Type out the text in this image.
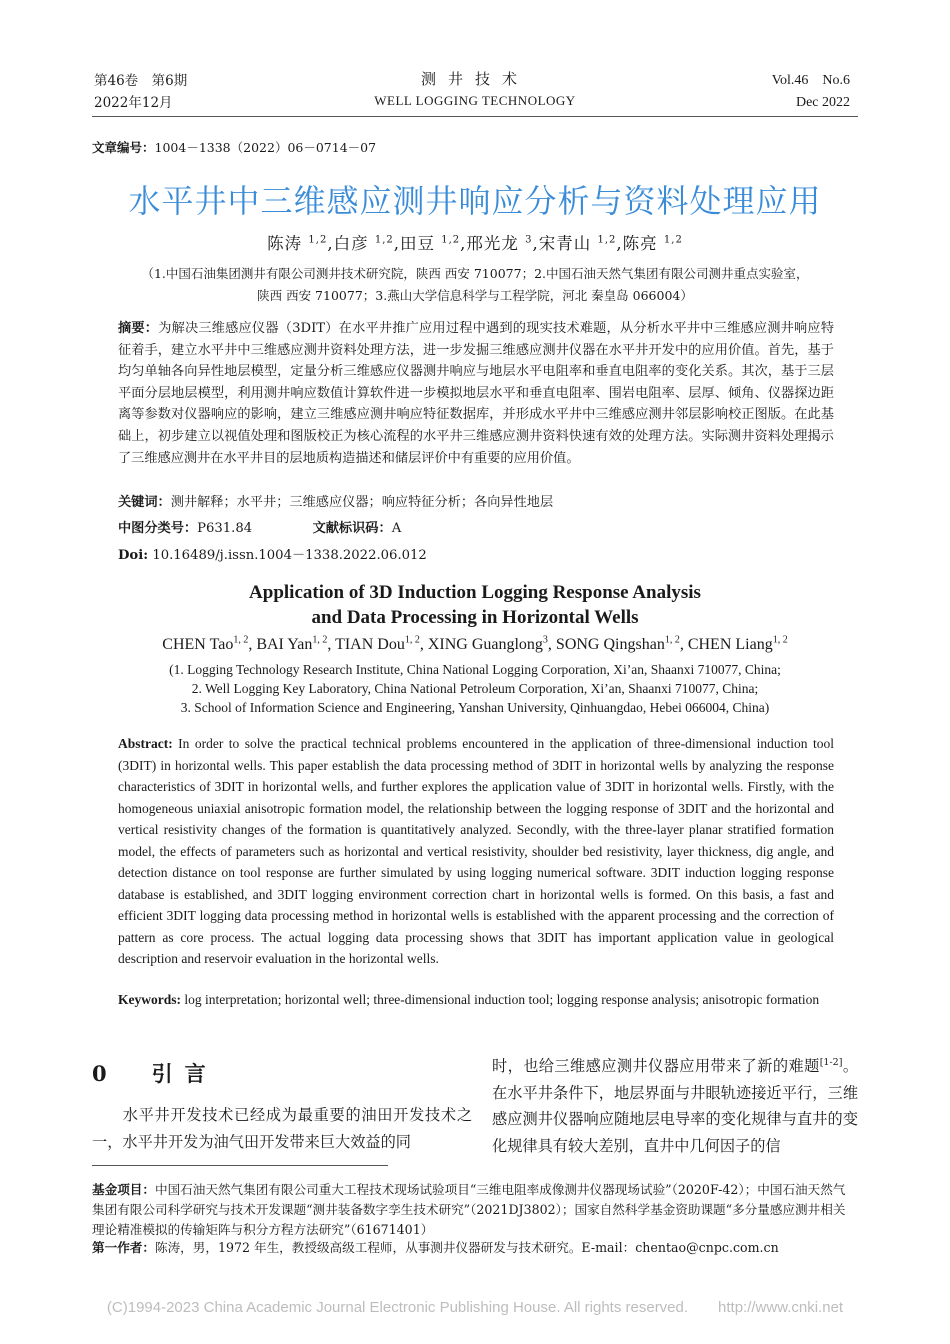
第46卷　第6期
2022年12月
测井技术
WELL LOGGING TECHNOLOGY
Vol.46　No.6
Dec 2022
文章编号：1004－1338（2022）06－0714－07
水平井中三维感应测井响应分析与资料处理应用
陈涛 $^{1,2}$,白彦 $^{1,2}$,田豆 $^{1,2}$,邢光龙 $^3$,宋青山 $^{1,2}$,陈亮 $^{1,2}$
（1.中国石油集团测井有限公司测井技术研究院，陕西 西安 710077；2.中国石油天然气集团有限公司测井重点实验室，
陕西 西安 710077；3.燕山大学信息科学与工程学院，河北 秦皇岛 066004）
摘要：为解决三维感应仪器（3DIT）在水平井推广应用过程中遇到的现实技术难题，从分析水平井中三维感应测井响应特征着手，建立水平井中三维感应测井资料处理方法，进一步发掘三维感应测井仪器在水平井开发中的应用价值。首先，基于均匀单轴各向异性地层模型，定量分析三维感应仪器测井响应与地层水平电阻率和垂直电阻率的变化关系。其次，基于三层平面分层地层模型，利用测井响应数值计算软件进一步模拟地层水平和垂直电阻率、围岩电阻率、层厚、倾角、仪器探边距离等参数对仪器响应的影响，建立三维感应测井响应特征数据库，并形成水平井中三维感应测井邻层影响校正图版。在此基础上，初步建立以视值处理和图版校正为核心流程的水平井三维感应测井资料快速有效的处理方法。实际测井资料处理揭示了三维感应测井在水平井目的层地质构造描述和储层评价中有重要的应用价值。
关键词：测井解释；水平井；三维感应仪器；响应特征分析；各向异性地层
中图分类号：P631.84	文献标识码：A
Doi: 10.16489/j.issn.1004－1338.2022.06.012
Application of 3D Induction Logging Response Analysis
and Data Processing in Horizontal Wells
CHEN Tao$^{1, 2}$, BAI Yan$^{1, 2}$, TIAN Dou$^{1, 2}$, XING Guanglong$^3$, SONG Qingshan$^{1, 2}$, CHEN Liang$^{1, 2}$
(1. Logging Technology Research Institute, China National Logging Corporation, Xi’an, Shaanxi 710077, China;
2. Well Logging Key Laboratory, China National Petroleum Corporation, Xi’an, Shaanxi 710077, China;
3. School of Information Science and Engineering, Yanshan University, Qinhuangdao, Hebei 066004, China)
Abstract: In order to solve the practical technical problems encountered in the application of three-dimensional induction tool (3DIT) in horizontal wells. This paper establish the data processing method of 3DIT in horizontal wells by analyzing the response characteristics of 3DIT in horizontal wells, and further explores the application value of 3DIT in horizontal wells. Firstly, with the homogeneous uniaxial anisotropic formation model, the relationship between the logging response of 3DIT and the horizontal and vertical resistivity changes of the formation is quantitatively analyzed. Secondly, with the three-layer planar stratified formation model, the effects of parameters such as horizontal and vertical resistivity, shoulder bed resistivity, layer thickness, dig angle, and detection distance on tool response are further simulated by using logging numerical software. 3DIT induction logging response database is established, and 3DIT logging environment correction chart in horizontal wells is formed. On this basis, a fast and efficient 3DIT logging data processing method in horizontal wells is established with the apparent processing and the correction of pattern as core process. The actual logging data processing shows that 3DIT has important application value in geological description and reservoir evaluation in the horizontal wells.
Keywords: log interpretation; horizontal well; three-dimensional induction tool; logging response analysis; anisotropic formation
0　引言
水平井开发技术已经成为最重要的油田开发技术之一，水平井开发为油气田开发带来巨大效益的同
时，也给三维感应测井仪器应用带来了新的难题[1-2]。在水平井条件下，地层界面与井眼轨迹接近平行，三维感应测井仪器响应随地层电导率的变化规律与直井的变化规律具有较大差别，直井中几何因子的信
基金项目：中国石油天然气集团有限公司重大工程技术现场试验项目“三维电阻率成像测井仪器现场试验”（2020F-42）；中国石油天然气集团有限公司科学研究与技术开发课题“测井装备数字孪生技术研究”（2021DJ3802）；国家自然科学基金资助课题“多分量感应测井相关理论精准模拟的传输矩阵与积分方程方法研究”（61671401）
第一作者：陈涛，男，1972 年生，教授级高级工程师，从事测井仪器研发与技术研究。E-mail：chentao@cnpc.com.cn
(C)1994-2023 China Academic Journal Electronic Publishing House. All rights reserved.　　http://www.cnki.net
